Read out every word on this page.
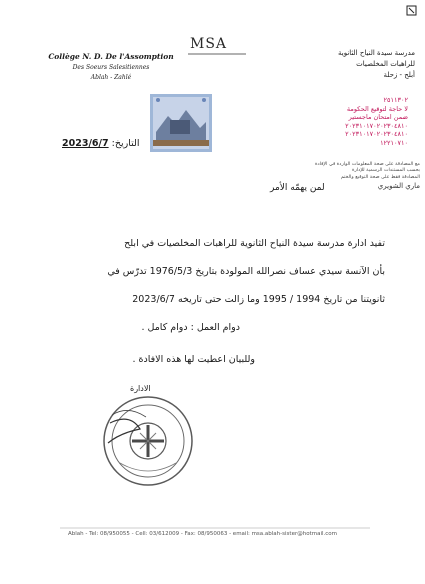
Collège N. D. De l'Assomption
Des Soeurs Salesitiennes
Ablah - Zahlé
MSA
مدرسة سيدة النياح الثانوية
للراهبات المخلصيات
أبلح - زحلة
التاريخ: 2023/6/7
٢٥١١٣٠٢
لا حاجة لتوقيع الحكومة
ضمن امتحان ماجستير
٢٠٢٣١٠١٧٠٢٠٢٣٠٤٨١٠
٢٠٢٣١٠١٧٠٢٠٢٣٠٤٨١٠
١٢٢١٠٧١٠
مع المصادقة على صحة المعلومات الواردة في الإفادة
بحسب المستندات الرسمية للإدارة
المصادقة فقط على صحة التوقيع والختم
ماري الشويري
لمن يهمّه الأمر
تفيد ادارة مدرسة سيدة النياح الثانوية للراهبات المخلصيات في ابلح
بأن الآنسة سيدي عساف نصرالله المولودة بتاريخ 1976/5/3 تدرّس في
ثانويتنا من تاريخ 1994 / 1995 وما زالت حتى تاريخه 2023/6/7
دوام العمل : دوام كامل .
وللبيان اعطيت لها هذه الافادة .
الادارة
Ablah - Tel: 08/950055 - Cell: 03/612009 - Fax: 08/950063 - email: msa.ablah-sister@hotmail.com
